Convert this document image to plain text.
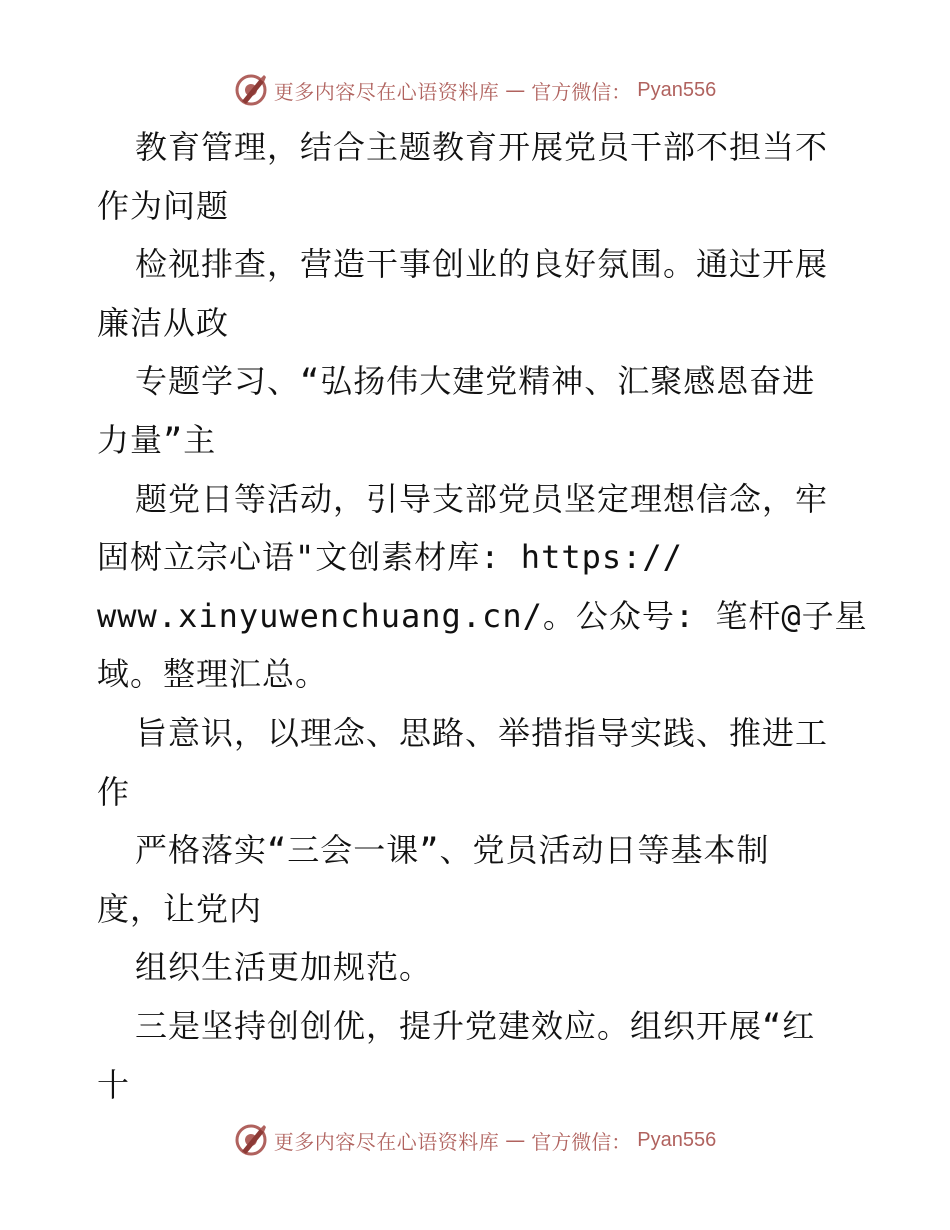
更多内容尽在心语资料库 — 官方微信： Pyan556
教育管理，结合主题教育开展党员干部不担当不
作为问题
检视排查，营造干事创业的良好氛围。通过开展
廉洁从政
专题学习、“弘扬伟大建党精神、汇聚感恩奋进
力量”主
题党日等活动，引导支部党员坚定理想信念，牢
固树立宗心语"文创素材库: https://
www.xinyuwenchuang.cn/。公众号: 笔杆@子星
域。整理汇总。
旨意识，以理念、思路、举措指导实践、推进工
作
严格落实“三会一课”、党员活动日等基本制
度，让党内
组织生活更加规范。
三是坚持创创优，提升党建效应。组织开展“红
十
更多内容尽在心语资料库 — 官方微信： Pyan556
